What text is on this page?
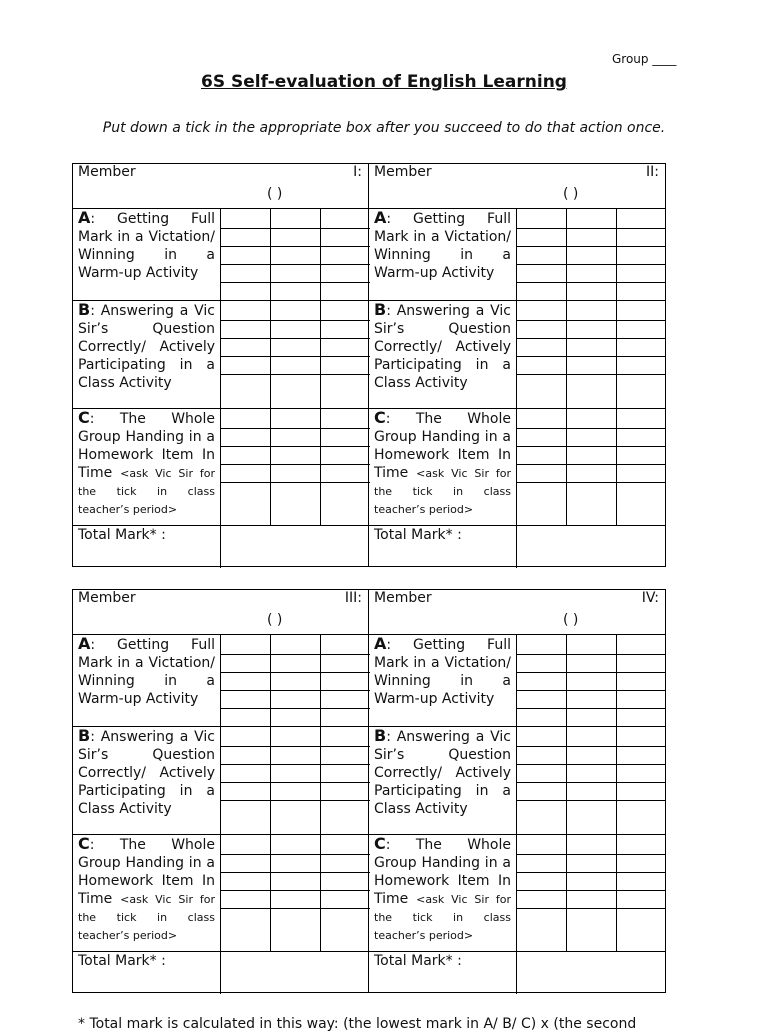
Group ____
6S Self-evaluation of English Learning
Put down a tick in the appropriate box after you succeed to do that action once.
Member	I:
( )
A: Getting Full Mark in a Victation/ Winning in a Warm-up Activity
B: Answering a Vic Sir’s Question Correctly/ Actively Participating in a Class Activity
C: The Whole Group Handing in a Homework Item In Time <ask Vic Sir for the tick in class teacher’s period>
Total Mark* :
Member	II:
( )
A: Getting Full Mark in a Victation/ Winning in a Warm-up Activity
B: Answering a Vic Sir’s Question Correctly/ Actively Participating in a Class Activity
C: The Whole Group Handing in a Homework Item In Time <ask Vic Sir for the tick in class teacher’s period>
Total Mark* :
Member	III:
( )
A: Getting Full Mark in a Victation/ Winning in a Warm-up Activity
B: Answering a Vic Sir’s Question Correctly/ Actively Participating in a Class Activity
C: The Whole Group Handing in a Homework Item In Time <ask Vic Sir for the tick in class teacher’s period>
Total Mark* :
Member	IV:
( )
A: Getting Full Mark in a Victation/ Winning in a Warm-up Activity
B: Answering a Vic Sir’s Question Correctly/ Actively Participating in a Class Activity
C: The Whole Group Handing in a Homework Item In Time <ask Vic Sir for the tick in class teacher’s period>
Total Mark* :
* Total mark is calculated in this way: (the lowest mark in A/ B/ C) x (the second
